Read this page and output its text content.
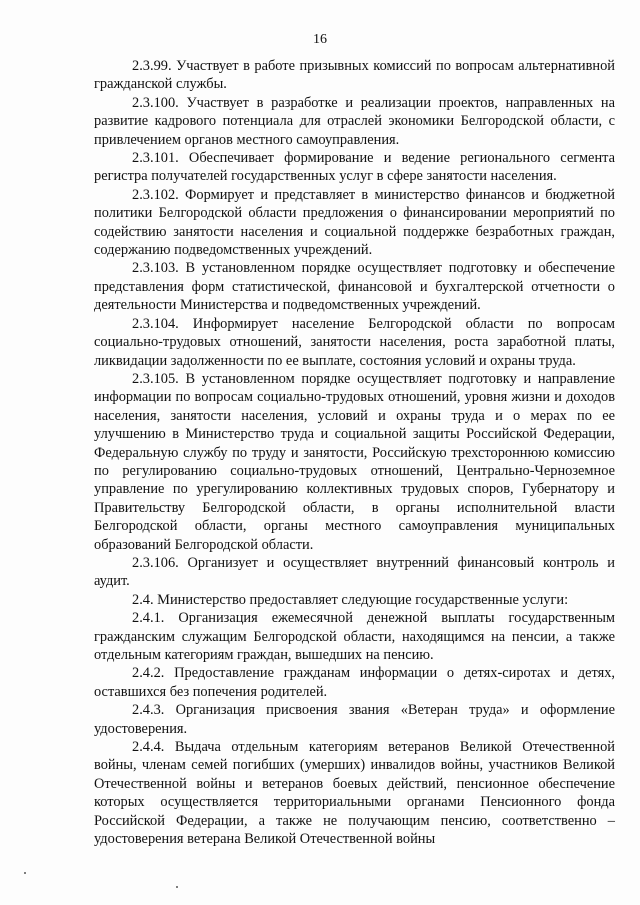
16

2.3.99. Участвует в работе призывных комиссий по вопросам альтернативной гражданской службы.

2.3.100. Участвует в разработке и реализации проектов, направленных на развитие кадрового потенциала для отраслей экономики Белгородской области, с привлечением органов местного самоуправления.

2.3.101. Обеспечивает формирование и ведение регионального сегмента регистра получателей государственных услуг в сфере занятости населения.

2.3.102. Формирует и представляет в министерство финансов и бюджетной политики Белгородской области предложения о финансировании мероприятий по содействию занятости населения и социальной поддержке безработных граждан, содержанию подведомственных учреждений.

2.3.103. В установленном порядке осуществляет подготовку и обеспечение представления форм статистической, финансовой и бухгалтерской отчетности о деятельности Министерства и подведомственных учреждений.

2.3.104. Информирует население Белгородской области по вопросам социально-трудовых отношений, занятости населения, роста заработной платы, ликвидации задолженности по ее выплате, состояния условий и охраны труда.

2.3.105. В установленном порядке осуществляет подготовку и направление информации по вопросам социально-трудовых отношений, уровня жизни и доходов населения, занятости населения, условий и охраны труда и о мерах по ее улучшению в Министерство труда и социальной защиты Российской Федерации, Федеральную службу по труду и занятости, Российскую трехстороннюю комиссию по регулированию социально-трудовых отношений, Центрально-Черноземное управление по урегулированию коллективных трудовых споров, Губернатору и Правительству Белгородской области, в органы исполнительной власти Белгородской области, органы местного самоуправления муниципальных образований Белгородской области.

2.3.106. Организует и осуществляет внутренний финансовый контроль и аудит.

2.4. Министерство предоставляет следующие государственные услуги:

2.4.1. Организация ежемесячной денежной выплаты государственным гражданским служащим Белгородской области, находящимся на пенсии, а также отдельным категориям граждан, вышедших на пенсию.

2.4.2. Предоставление гражданам информации о детях-сиротах и детях, оставшихся без попечения родителей.

2.4.3. Организация присвоения звания «Ветеран труда» и оформление удостоверения.

2.4.4. Выдача отдельным категориям ветеранов Великой Отечественной войны, членам семей погибших (умерших) инвалидов войны, участников Великой Отечественной войны и ветеранов боевых действий, пенсионное обеспечение которых осуществляется территориальными органами Пенсионного фонда Российской Федерации, а также не получающим пенсию, соответственно – удостоверения ветерана Великой Отечественной войны
